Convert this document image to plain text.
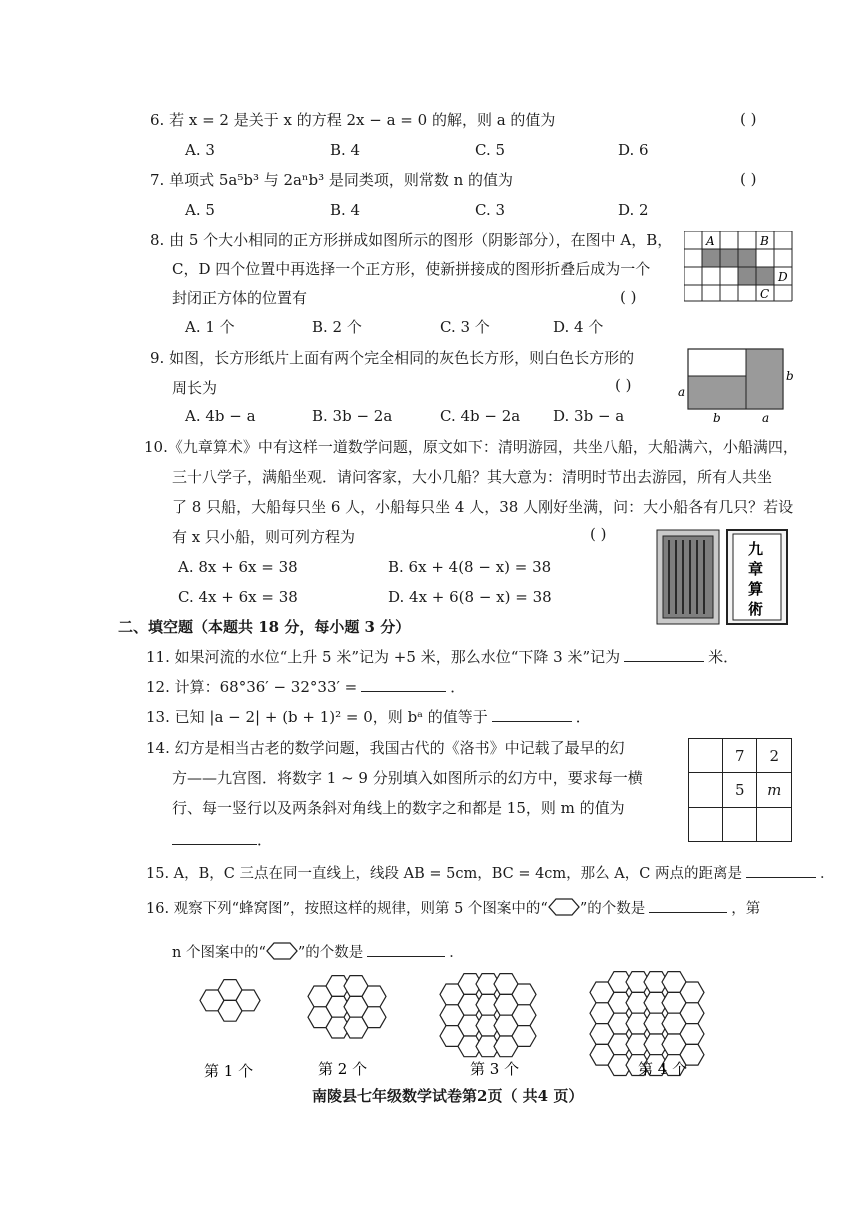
6. 若 x = 2 是关于 x 的方程 2x − a = 0 的解，则 a 的值为	( )
A. 3	B. 4	C. 5	D. 6
7. 单项式 5a⁵b³ 与 2aⁿb³ 是同类项，则常数 n 的值为	( )
A. 5	B. 4	C. 3	D. 2
8. 由 5 个大小相同的正方形拼成如图所示的图形（阴影部分），在图中 A，B，
C，D 四个位置中再选择一个正方形，使新拼接成的图形折叠后成为一个
封闭正方体的位置有	( )
A. 1 个	B. 2 个	C. 3 个	D. 4 个
A	B
D
C
9. 如图，长方形纸片上面有两个完全相同的灰色长方形，则白色长方形的
周长为	( )
A. 4b − a	B. 3b − 2a	C. 4b − 2a D. 3b − a
a
b
b	a
10.《九章算术》中有这样一道数学问题，原文如下：清明游园，共坐八船，大船满六，小船满四，
三十八学子，满船坐观．请问客家，大小几船？其大意为：清明时节出去游园，所有人共坐
了 8 只船，大船每只坐 6 人，小船每只坐 4 人，38 人刚好坐满，问：大小船各有几只？若设
有 x 只小船，则可列方程为	( )
A. 8x + 6x = 38	B. 6x + 4(8 − x) = 38
C. 4x + 6x = 38	D. 4x + 6(8 − x) = 38
九
章
算
術
二、填空题（本题共 18 分，每小题 3 分）
11. 如果河流的水位“上升 5 米”记为 +5 米，那么水位“下降 3 米”记为	米．
12. 计算：68°36′ − 32°33′ =	．
13. 已知 |a − 2| + (b + 1)² = 0，则 bᵃ 的值等于	．
14. 幻方是相当古老的数学问题，我国古代的《洛书》中记载了最早的幻
方——九宫图．将数字 1 ~ 9 分别填入如图所示的幻方中，要求每一横
行、每一竖行以及两条斜对角线上的数字之和都是 15，则 m 的值为
．
	7	2
	5	m

15. A，B，C 三点在同一直线上，线段 AB = 5cm，BC = 4cm，那么 A，C 两点的距离是	．
16. 观察下列“蜂窝图”，按照这样的规律，则第 5 个图案中的“ ”的个数是	，第
n 个图案中的“ ”的个数是	．
第 1 个	第 2 个	第 3 个	第 4 个
南陵县七年级数学试卷第2页（ 共4 页）
